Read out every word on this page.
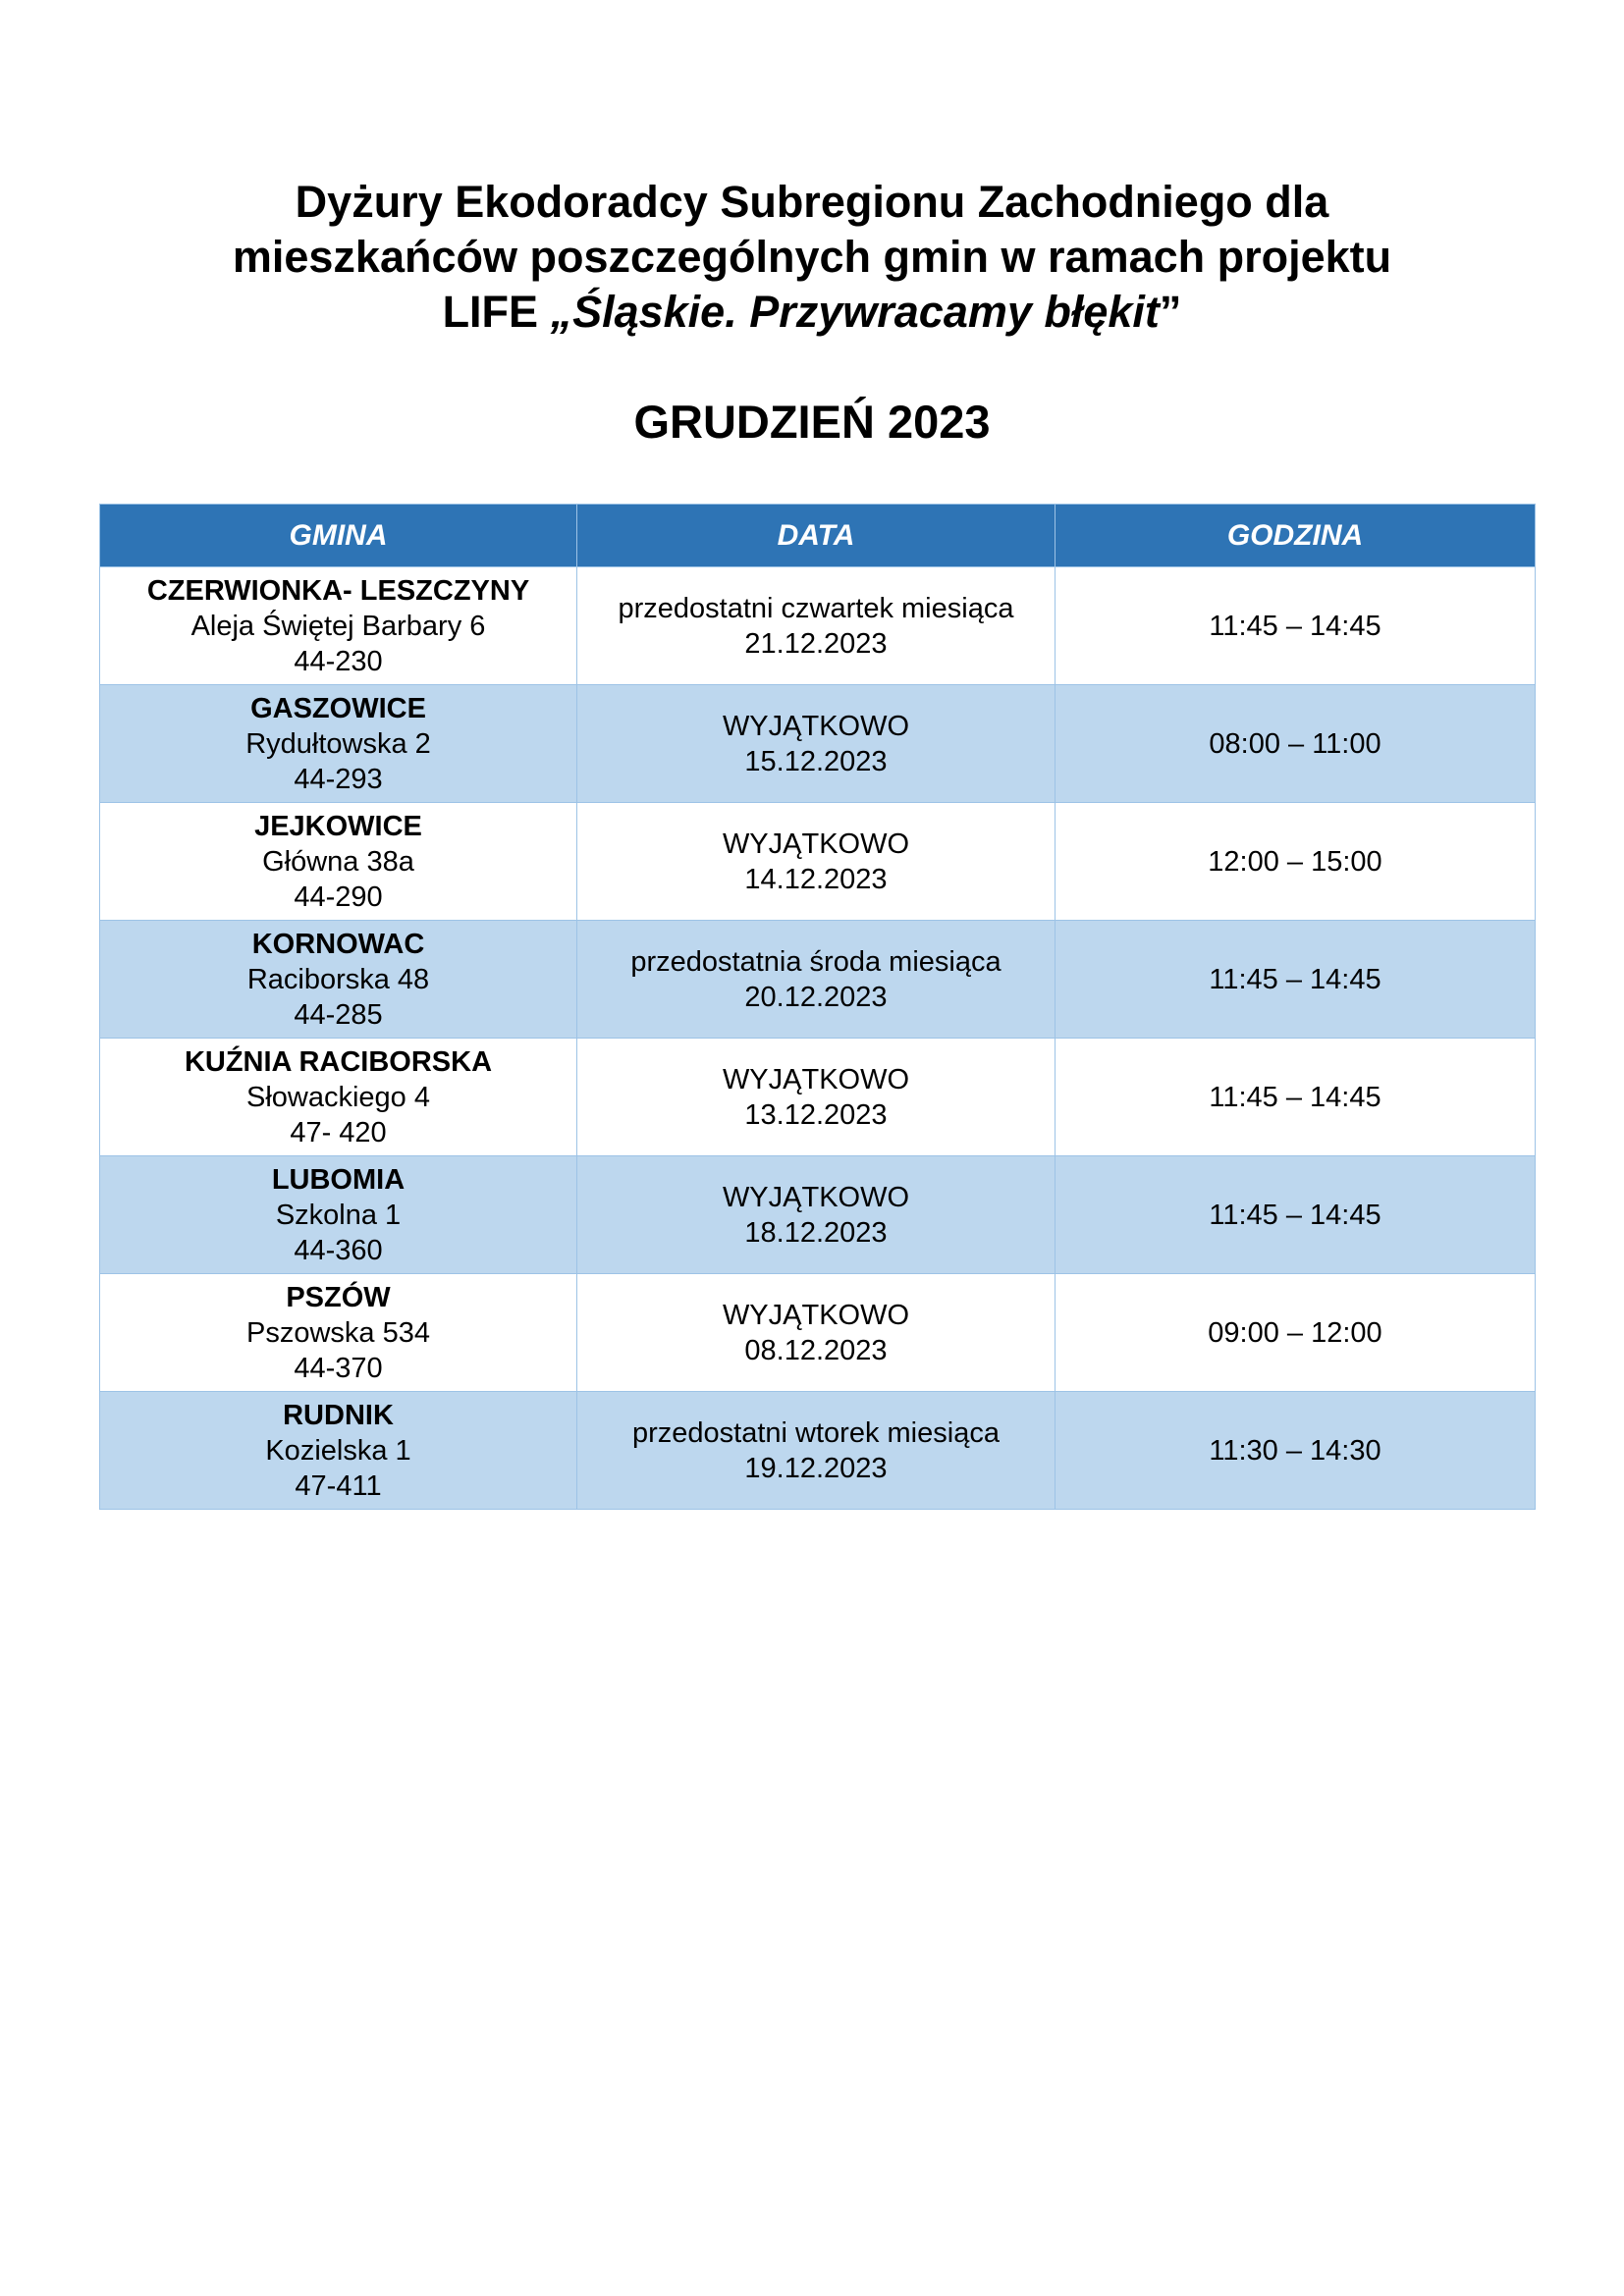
Dyżury Ekodoradcy Subregionu Zachodniego dla
mieszkańców poszczególnych gmin w ramach projektu
LIFE „Śląskie. Przywracamy błękit”
GRUDZIEŃ 2023
GMINA	DATA	GODZINA

CZERWIONKA- LESZCZYNY
Aleja Świętej Barbary 6
44-230	przedostatni czwartek miesiąca
21.12.2023	11:45 – 14:45

GASZOWICE
Rydułtowska 2
44-293	WYJĄTKOWO
15.12.2023	08:00 – 11:00

JEJKOWICE
Główna 38a
44-290	WYJĄTKOWO
14.12.2023	12:00 – 15:00

KORNOWAC
Raciborska 48
44-285	przedostatnia środa miesiąca
20.12.2023	11:45 – 14:45

KUŹNIA RACIBORSKA
Słowackiego 4
47- 420	WYJĄTKOWO
13.12.2023	11:45 – 14:45

LUBOMIA
Szkolna 1
44-360	WYJĄTKOWO
18.12.2023	11:45 – 14:45

PSZÓW
Pszowska 534
44-370	WYJĄTKOWO
08.12.2023	09:00 – 12:00

RUDNIK
Kozielska 1
47-411	przedostatni wtorek miesiąca
19.12.2023	11:30 – 14:30
